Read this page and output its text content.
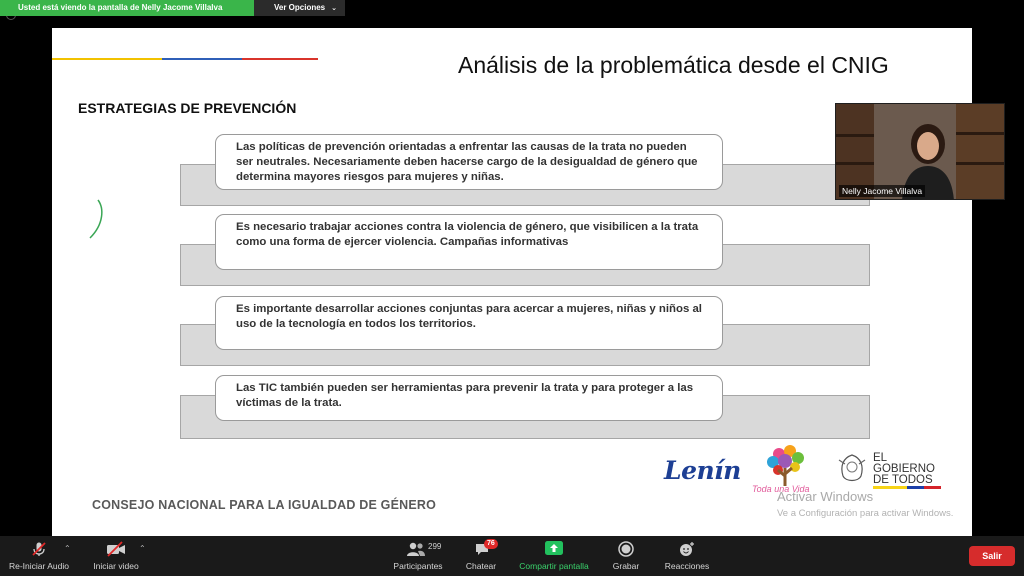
Usted está viendo la pantalla de Nelly Jacome Villalva	Ver Opciones ⌄
Análisis de la problemática desde el CNIG
ESTRATEGIAS DE PREVENCIÓN
Las políticas de prevención orientadas a enfrentar las causas de la trata no pueden ser neutrales. Necesariamente deben hacerse cargo de la desigualdad de género que determina mayores riesgos para mujeres y niñas.
Es necesario trabajar acciones contra la violencia de género, que visibilicen a la trata como una forma de ejercer violencia. Campañas informativas
Es importante desarrollar acciones conjuntas para acercar a mujeres, niñas y niños al uso de la tecnología en todos los territorios.
Las TIC también pueden ser herramientas para prevenir la trata y para proteger a las víctimas de la trata.
CONSEJO NACIONAL PARA LA IGUALDAD DE GÉNERO
Lenín
Toda una Vida
EL
GOBIERNO
DE TODOS
Activar Windows
Ve a Configuración para activar Windows.
Nelly Jacome Villalva
Re-Iniciar Audio
⌃
Iniciar video
⌃	299
Participantes
76
Chatear	Compartir pantalla	Grabar	Reacciones
Salir
